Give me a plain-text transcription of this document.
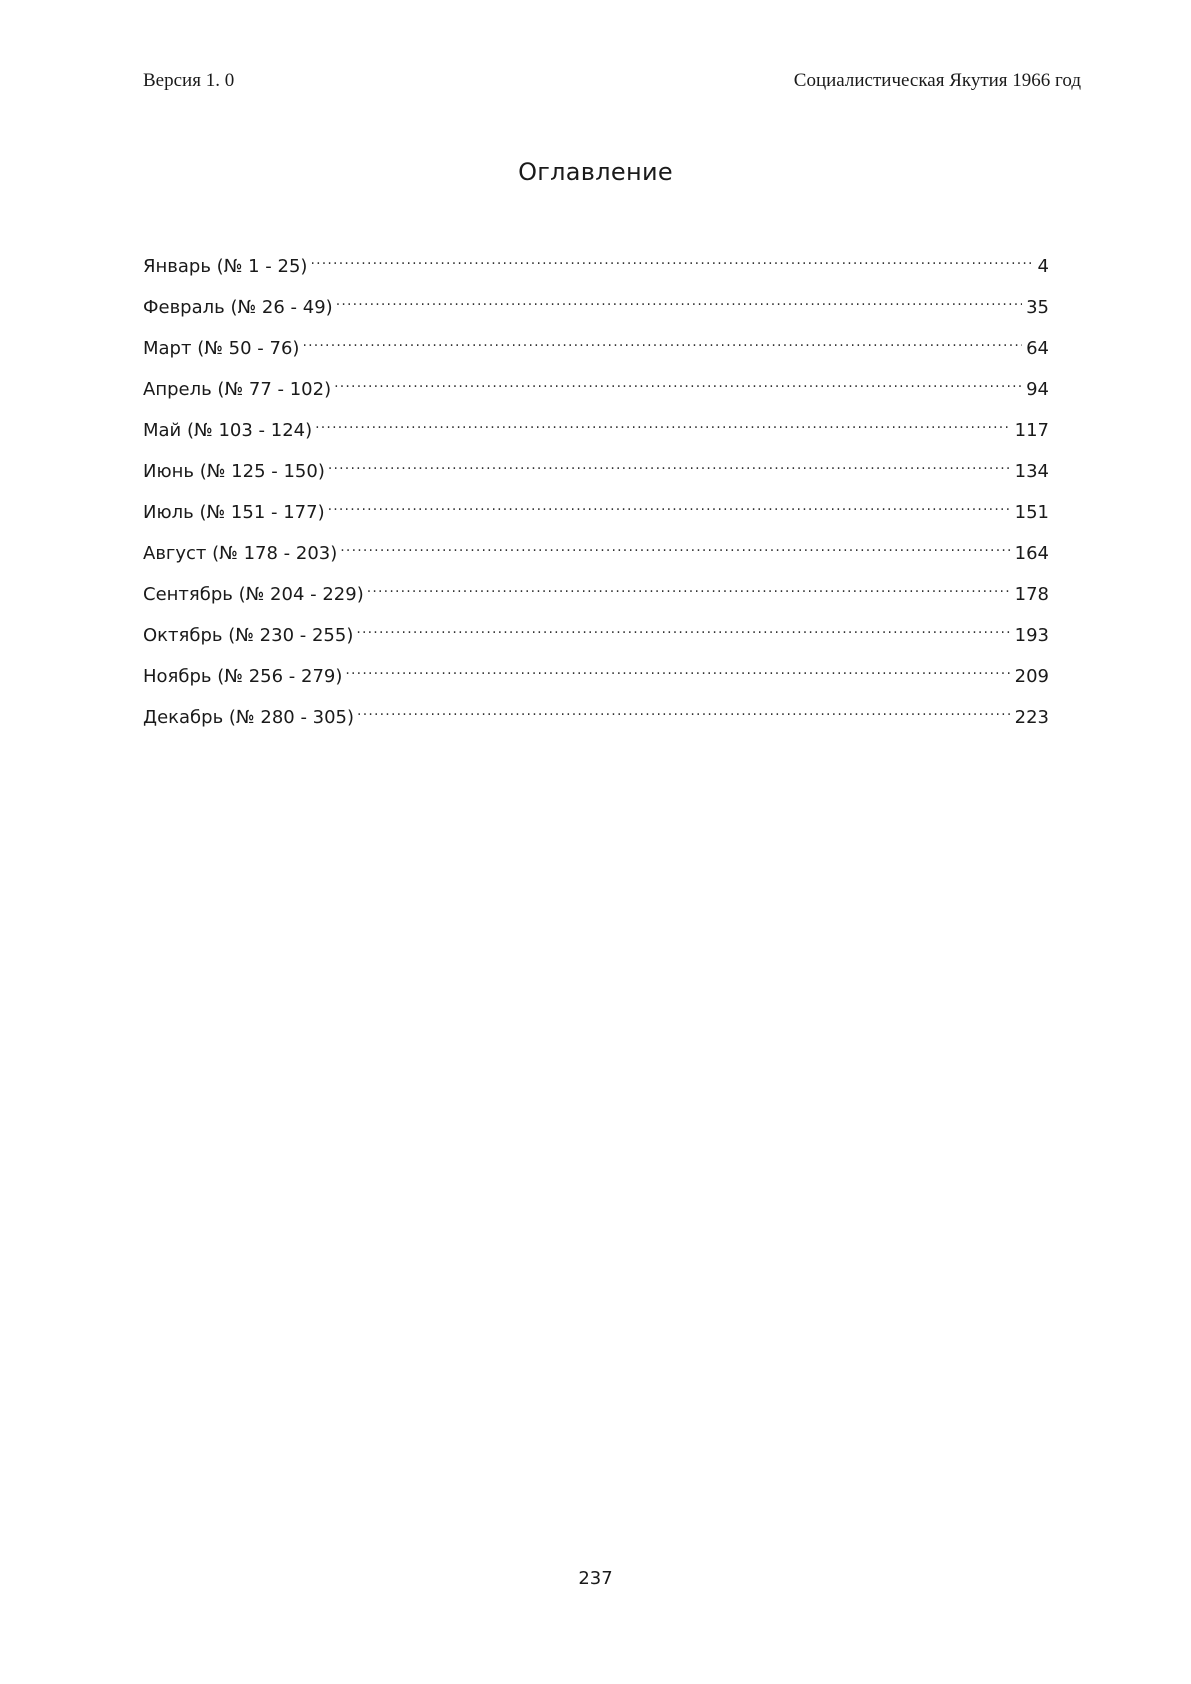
Версия 1. 0	Социалистическая Якутия 1966 год
Оглавление
Январь (№ 1 - 25) .....	4
Февраль (№ 26 - 49) .....	35
Март (№ 50 - 76) .....	64
Апрель (№ 77 - 102) .....	94
Май (№ 103 - 124) .....	117
Июнь (№ 125 - 150) .....	134
Июль (№ 151 - 177) .....	151
Август (№ 178 - 203) .....	164
Сентябрь (№ 204 - 229) .....	178
Октябрь (№ 230 - 255) .....	193
Ноябрь (№ 256 - 279) .....	209
Декабрь (№ 280 - 305) .....	223
237
